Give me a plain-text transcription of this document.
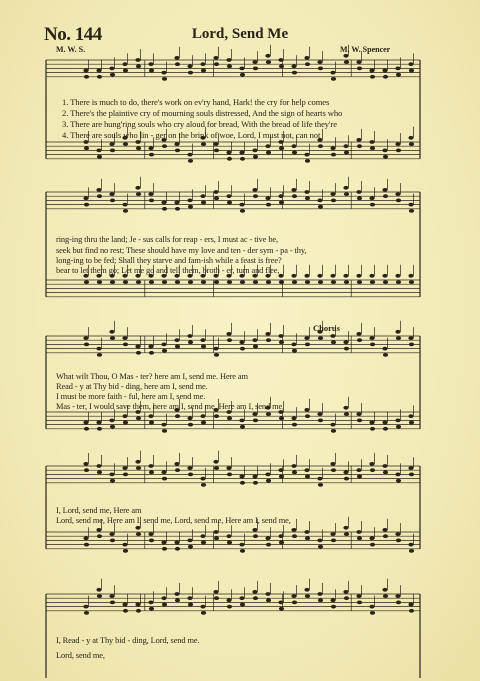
No. 144	Lord, Send Me
M. W. S.	M. W. Spencer
1. There is much to do, there's work on ev'ry hand, Hark! the cry for help comes
2. There's the plaintive cry of mourning souls distressed, And the sign of hearts who
3. There are hung'ring souls who cry aloud for bread, With the bread of life they're
4. There are souls who lin - ger on the brink of woe, Lord, I must not, can not
ring-ing thru the land; Je - sus calls for reap - ers, I must ac - tive be,
seek but find no rest; These should have my love and ten - der sym - pa - thy,
long-ing to be fed; Shall they starve and fam-ish while a feast is free?
bear to let them go; Let me go and tell them, broth - er, turn and flee,
Chorus
What wilt Thou, O Mas - ter? here am I, send me. Here am
Read - y at Thy bid - ding, here am I, send me.
I must be more faith - ful, here am I, send me.
Mas - ter, I would save them, here am I, send me. Here am I, send me,
I, Lord, send me, Here am
Lord, send me, Here am I, send me, Lord, send me, Here am I, send me,
I, Read - y at Thy bid - ding, Lord, send me.
Lord, send me,
